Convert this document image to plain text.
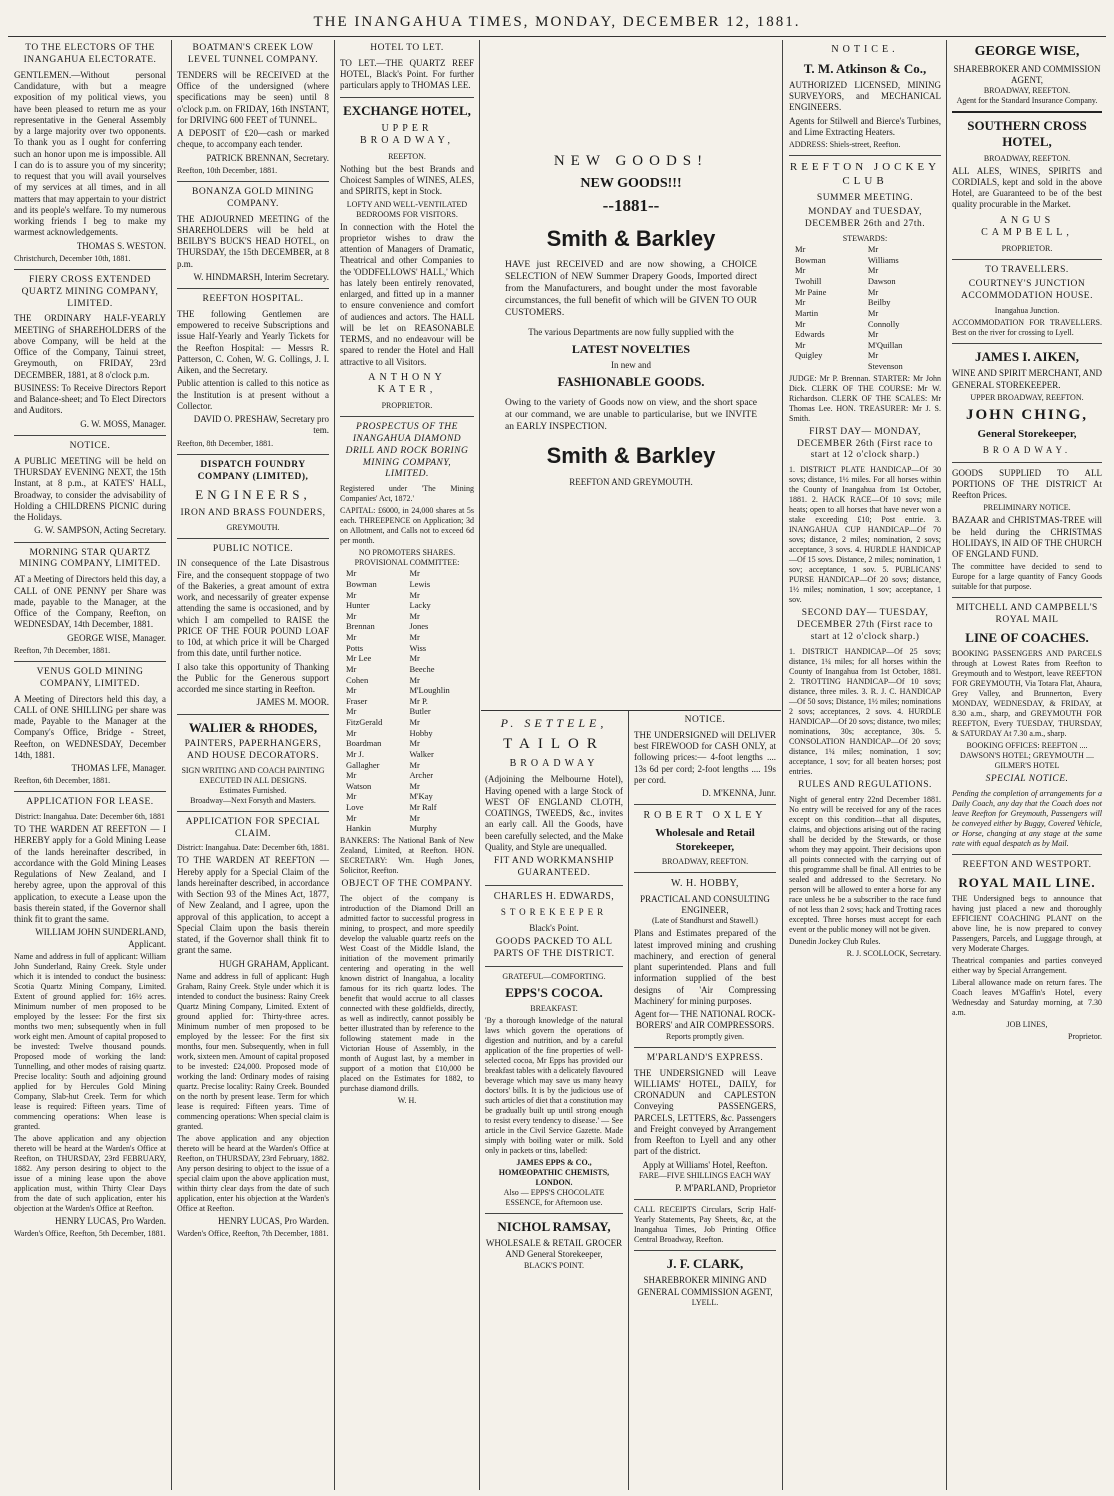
THE INANGAHUA TIMES, MONDAY, DECEMBER 12, 1881.
TO THE ELECTORS OF THE INANGAHUA ELECTORATE.
GENTLEMEN.—Without personal Candidature, with but a meagre exposition of my political views, you have been pleased to return me as your representative in the General Assembly by a large majority over two opponents. To thank you as I ought for conferring such an honor upon me is impossible. All I can do is to assure you of my sincerity; to request that you will avail yourselves of my services at all times, and in all matters that may appertain to your district and its people's welfare. To my numerous working friends I beg to make my warmest acknowledgements.
THOMAS S. WESTON.
Christchurch, December 10th, 1881.
FIERY CROSS EXTENDED QUARTZ MINING COMPANY, LIMITED.
THE ORDINARY HALF-YEARLY MEETING of SHAREHOLDERS of the above Company, will be held at the Office of the Company, Tainui street, Greymouth, on FRIDAY, 23rd DECEMBER, 1881, at 8 o'clock p.m.
BUSINESS: To Receive Directors Report and Balance-sheet; and To Elect Directors and Auditors.
G. W. MOSS, Manager.
NOTICE.
A PUBLIC MEETING will be held on THURSDAY EVENING NEXT, the 15th Instant, at 8 p.m., at KATE'S' HALL, Broadway, to consider the advisability of Holding a CHILDRENS PICNIC during the Holidays.
G. W. SAMPSON, Acting Secretary.
MORNING STAR QUARTZ MINING COMPANY, LIMITED.
AT a Meeting of Directors held this day, a CALL of ONE PENNY per Share was made, payable to the Manager, at the Office of the Company, Reefton, on WEDNESDAY, 14th December, 1881.
GEORGE WISE, Manager.
Reefton, 7th December, 1881.
VENUS GOLD MINING COMPANY, LIMITED.
A Meeting of Directors held this day, a CALL of ONE SHILLING per share was made, Payable to the Manager at the Company's Office, Bridge - Street, Reefton, on WEDNESDAY, December 14th, 1881.
THOMAS LFE, Manager.
Reefton, 6th December, 1881.
APPLICATION FOR LEASE.
District: Inangahua. Date: December 6th, 1881
TO THE WARDEN AT REEFTON — I HEREBY apply for a Gold Mining Lease of the lands hereinafter described, in accordance with the Gold Mining Leases Regulations of New Zealand, and I hereby agree, upon the approval of this application, to execute a Lease upon the basis therein stated, if the Governor shall think fit to grant the same.
WILLIAM JOHN SUNDERLAND, Applicant.
Name and address in full of applicant: William John Sunderland, Rainy Creek. Style under which it is intended to conduct the business: Scotia Quartz Mining Company, Limited. Extent of ground applied for: 16½ acres. Minimum number of men proposed to be employed by the lessee: For the first six months two men; subsequently when in full work eight men. Amount of capital proposed to be invested: Twelve thousand pounds. Proposed mode of working the land: Tunnelling, and other modes of raising quartz. Precise locality: South and adjoining ground applied for by Hercules Gold Mining Company, Slab-hut Creek. Term for which lease is required: Fifteen years. Time of commencing operations: When lease is granted.
The above application and any objection thereto will be heard at the Warden's Office at Reefton, on THURSDAY, 23rd FEBRUARY, 1882. Any person desiring to object to the issue of a mining lease upon the above application must, within Thirty Clear Days from the date of such application, enter his objection at the Warden's Office at Reefton.
HENRY LUCAS, Pro Warden.
Warden's Office, Reefton, 5th December, 1881.
BOATMAN'S CREEK LOW LEVEL TUNNEL COMPANY.
TENDERS will be RECEIVED at the Office of the undersigned (where specifications may be seen) until 8 o'clock p.m. on FRIDAY, 16th INSTANT, for DRIVING 600 FEET of TUNNEL.
A DEPOSIT of £20—cash or marked cheque, to accompany each tender.
PATRICK BRENNAN, Secretary.
Reefton, 10th December, 1881.
BONANZA GOLD MINING COMPANY.
THE ADJOURNED MEETING of the SHAREHOLDERS will be held at BEILBY'S BUCK'S HEAD HOTEL, on THURSDAY, the 15th DECEMBER, at 8 p.m.
W. HINDMARSH, Interim Secretary.
REEFTON HOSPITAL.
THE following Gentlemen are empowered to receive Subscriptions and issue Half-Yearly and Yearly Tickets for the Reefton Hospital: — Messrs R. Patterson, C. Cohen, W. G. Collings, J. I. Aiken, and the Secretary.
Public attention is called to this notice as the Institution is at present without a Collector.
DAVID O. PRESHAW, Secretary pro tem.
Reefton, 8th December, 1881.
DISPATCH FOUNDRY COMPANY (LIMITED),
ENGINEERS,
IRON AND BRASS FOUNDERS,
GREYMOUTH.
PUBLIC NOTICE.
IN consequence of the Late Disastrous Fire, and the consequent stoppage of two of the Bakeries, a great amount of extra work, and necessarily of greater expense attending the same is occasioned, and by which I am compelled to RAISE the PRICE OF THE FOUR POUND LOAF to 10d, at which price it will be Charged from this date, until further notice.
I also take this opportunity of Thanking the Public for the Generous support accorded me since starting in Reefton.
JAMES M. MOOR.
WALIER & RHODES,
PAINTERS, PAPERHANGERS, AND HOUSE DECORATORS.
SIGN WRITING AND COACH PAINTING EXECUTED IN ALL DESIGNS.
Estimates Furnished.
Broadway—Next Forsyth and Masters.
APPLICATION FOR SPECIAL CLAIM.
District: Inangahua. Date: December 6th, 1881.
TO THE WARDEN AT REEFTON — Hereby apply for a Special Claim of the lands hereinafter described, in accordance with Section 93 of the Mines Act, 1877, of New Zealand, and I agree, upon the approval of this application, to accept a Special Claim upon the basis therein stated, if the Governor shall think fit to grant the same.
HUGH GRAHAM, Applicant.
Name and address in full of applicant: Hugh Graham, Rainy Creek. Style under which it is intended to conduct the business: Rainy Creek Quartz Mining Company, Limited. Extent of ground applied for: Thirty-three acres. Minimum number of men proposed to be employed by the lessee: For the first six months, four men. Subsequently, when in full work, sixteen men. Amount of capital proposed to be invested: £24,000. Proposed mode of working the land: Ordinary modes of raising quartz. Precise locality: Rainy Creek. Bounded on the north by present lease. Term for which lease is required: Fifteen years. Time of commencing operations: When special claim is granted.
The above application and any objection thereto will be heard at the Warden's Office at Reefton, on THURSDAY, 23rd February, 1882. Any person desiring to object to the issue of a special claim upon the above application must, within thirty clear days from the date of such application, enter his objection at the Warden's Office at Reefton.
HENRY LUCAS, Pro Warden.
Warden's Office, Reefton, 7th December, 1881.
HOTEL TO LET.
TO LET.—THE QUARTZ REEF HOTEL, Black's Point. For further particulars apply to THOMAS LEE.
EXCHANGE HOTEL,
UPPER BROADWAY,
REEFTON.
Nothing but the best Brands and Choicest Samples of WINES, ALES, and SPIRITS, kept in Stock.
LOFTY AND WELL-VENTILATED BEDROOMS FOR VISITORS.
In connection with the Hotel the proprietor wishes to draw the attention of Managers of Dramatic, Theatrical and other Companies to the 'ODDFELLOWS' HALL,' Which has lately been entirely renovated, enlarged, and fitted up in a manner to ensure convenience and comfort of audiences and actors. The HALL will be let on REASONABLE TERMS, and no endeavour will be spared to render the Hotel and Hall attractive to all Visitors.
ANTHONY KATER,
PROPRIETOR.
PROSPECTUS OF THE INANGAHUA DIAMOND DRILL AND ROCK BORING MINING COMPANY, LIMITED.
Registered under 'The Mining Companies' Act, 1872.'
CAPITAL: £6000, in 24,000 shares at 5s each. THREEPENCE on Application; 3d on Allotment, and Calls not to exceed 6d per month.
NO PROMOTERS SHARES. PROVISIONAL COMMITTEE:
Mr Bowman
Mr Hunter
Mr Brennan
Mr Potts
Mr Lee
Mr Cohen
Mr Fraser
Mr FitzGerald
Mr Boardman
Mr J. Gallagher
Mr Watson
Mr Love
Mr Hankin
Mr Lewis
Mr Lacky
Mr Jones
Mr Wiss
Mr Beeche
Mr M'Loughlin
Mr P. Butler
Mr Hobby
Mr Walker
Mr Archer
Mr M'Kay
Mr Ralf
Mr Murphy
BANKERS: The National Bank of New Zealand, Limited, at Reefton. HON. SECRETARY: Wm. Hugh Jones, Solicitor, Reefton.
OBJECT OF THE COMPANY.
The object of the company is introduction of the Diamond Drill an admitted factor to successful progress in mining, to prospect, and more speedily develop the valuable quartz reefs on the West Coast of the Middle Island, the initiation of the movement primarily centering and operating in the well known district of Inangahua, a locality famous for its rich quartz lodes. The benefit that would accrue to all classes connected with these goldfields, directly, as well as indirectly, cannot possibly be better illustrated than by reference to the following statement made in the Victorian House of Assembly, in the month of August last, by a member in support of a motion that £10,000 be placed on the Estimates for 1882, to purchase diamond drills.
W. H.
NEW GOODS!
NEW GOODS!!!
--1881--
Smith & Barkley
HAVE just RECEIVED and are now showing, a CHOICE SELECTION of NEW Summer Drapery Goods, Imported direct from the Manufacturers, and bought under the most favorable circumstances, the full benefit of which will be GIVEN TO OUR CUSTOMERS.
The various Departments are now fully supplied with the
LATEST NOVELTIES
In new and
FASHIONABLE GOODS.
Owing to the variety of Goods now on view, and the short space at our command, we are unable to particularise, but we INVITE an EARLY INSPECTION.
Smith & Barkley
REEFTON AND GREYMOUTH.
P. SETTELE,
TAILOR
BROADWAY
(Adjoining the Melbourne Hotel), Having opened with a large Stock of WEST OF ENGLAND CLOTH, COATINGS, TWEEDS, &c., invites an early call. All the Goods, have been carefully selected, and the Make Quality, and Style are unequalled.
FIT AND WORKMANSHIP GUARANTEED.
CHARLES H. EDWARDS,
STOREKEEPER
Black's Point.
GOODS PACKED TO ALL PARTS OF THE DISTRICT.
GRATEFUL—COMFORTING.
EPPS'S COCOA.
BREAKFAST.
'By a thorough knowledge of the natural laws which govern the operations of digestion and nutrition, and by a careful application of the fine properties of well-selected cocoa, Mr Epps has provided our breakfast tables with a delicately flavoured beverage which may save us many heavy doctors' bills. It is by the judicious use of such articles of diet that a constitution may be gradually built up until strong enough to resist every tendency to disease.' — See article in the Civil Service Gazette. Made simply with boiling water or milk. Sold only in packets or tins, labelled:
JAMES EPPS & CO., HOMŒOPATHIC CHEMISTS, LONDON.
Also — EPPS'S CHOCOLATE ESSENCE, for Afternoon use.
NICHOL RAMSAY,
WHOLESALE & RETAIL GROCER AND General Storekeeper,
BLACK'S POINT.
NOTICE.
THE UNDERSIGNED will DELIVER best FIREWOOD for CASH ONLY, at following prices:— 4-foot lengths .... 13s 6d per cord; 2-foot lengths .... 19s per cord.
D. M'KENNA, Junr.
ROBERT OXLEY
Wholesale and Retail Storekeeper,
BROADWAY, REEFTON.
W. H. HOBBY,
PRACTICAL AND CONSULTING ENGINEER,
(Late of Standhurst and Stawell.)
Plans and Estimates prepared of the latest improved mining and crushing machinery, and erection of general plant superintended. Plans and full information supplied of the best designs of 'Air Compressing Machinery' for mining purposes.
Agent for— THE NATIONAL ROCK-BORERS' and AIR COMPRESSORS.
Reports promptly given.
M'PARLAND'S EXPRESS.
THE UNDERSIGNED will Leave WILLIAMS' HOTEL, DAILY, for CRONADUN and CAPLESTON Conveying PASSENGERS, PARCELS, LETTERS, &c. Passengers and Freight conveyed by Arrangement from Reefton to Lyell and any other part of the district.
Apply at Williams' Hotel, Reefton.
FARE—FIVE SHILLINGS EACH WAY
P. M'PARLAND, Proprietor
CALL RECEIPTS Circulars, Scrip Half-Yearly Statements, Pay Sheets, &c, at the Inangahua Times, Job Printing Office Central Broadway, Reefton.
J. F. CLARK,
SHAREBROKER MINING AND GENERAL COMMISSION AGENT,
LYELL.
NOTICE.
T. M. Atkinson & Co.,
AUTHORIZED LICENSED, MINING SURVEYORS, and MECHANICAL ENGINEERS.
Agents for Stilwell and Bierce's Turbines, and Lime Extracting Heaters.
ADDRESS: Shiels-street, Reefton.
REEFTON JOCKEY CLUB
SUMMER MEETING.
MONDAY and TUESDAY, DECEMBER 26th and 27th.
STEWARDS:
Mr Bowman
Mr Twohill
Mr Paine
Mr Martin
Mr Edwards
Mr Quigley
Mr Williams
Mr Dawson
Mr Beilby
Mr Connolly
Mr M'Quillan
Mr Stevenson
JUDGE: Mr P. Brennan. STARTER: Mr John Dick. CLERK OF THE COURSE: Mr W. Richardson. CLERK OF THE SCALES: Mr Thomas Lee. HON. TREASURER: Mr J. S. Smith.
FIRST DAY— MONDAY, DECEMBER 26th (First race to start at 12 o'clock sharp.)
1. DISTRICT PLATE HANDICAP—Of 30 sovs; distance, 1½ miles. For all horses within the County of Inangahua from 1st October, 1881. 2. HACK RACE—Of 10 sovs; mile heats; open to all horses that have never won a stake exceeding £10; Post entrie. 3. INANGAHUA CUP HANDICAP—Of 70 sovs; distance, 2 miles; nomination, 2 sovs; acceptance, 3 sovs. 4. HURDLE HANDICAP—Of 15 sovs. Distance, 2 miles; nomination, 1 sov; acceptance, 1 sov. 5. PUBLICANS' PURSE HANDICAP—Of 20 sovs; distance, 1½ miles; nomination, 1 sov; acceptance, 1 sov.
SECOND DAY— TUESDAY, DECEMBER 27th (First race to start at 12 o'clock sharp.)
1. DISTRICT HANDICAP—Of 25 sovs; distance, 1¼ miles; for all horses within the County of Inangahua from 1st October, 1881. 2. TROTTING HANDICAP—Of 10 sovs; distance, three miles. 3. R. J. C. HANDICAP—Of 50 sovs; Distance, 1½ miles; nominations 2 sovs; acceptances, 2 sovs. 4. HURDLE HANDICAP—Of 20 sovs; distance, two miles; nominations, 30s; acceptance, 30s. 5. CONSOLATION HANDICAP—Of 20 sovs; distance, 1¼ miles; nomination, 1 sov; acceptance, 1 sov; for all beaten horses; post entries.
RULES AND REGULATIONS.
Night of general entry 22nd December 1881. No entry will be received for any of the races except on this condition—that all disputes, claims, and objections arising out of the racing shall be decided by the Stewards, or those whom they may appoint. Their decisions upon all points connected with the carrying out of this programme shall be final. All entries to be sealed and addressed to the Secretary. No person will be allowed to enter a horse for any race unless he be a subscriber to the race fund of not less than 2 sovs; hack and Trotting races excepted. Three horses must accept for each event or the public money will not be given.
Dunedin Jockey Club Rules.
R. J. SCOLLOCK, Secretary.
GEORGE WISE,
SHAREBROKER AND COMMISSION AGENT,
BROADWAY, REEFTON.
Agent for the Standard Insurance Company.
SOUTHERN CROSS HOTEL,
BROADWAY, REEFTON.
ALL ALES, WINES, SPIRITS and CORDIALS, kept and sold in the above Hotel, are Guaranteed to be of the best quality procurable in the Market.
ANGUS CAMPBELL,
PROPRIETOR.
TO TRAVELLERS.
COURTNEY'S JUNCTION ACCOMMODATION HOUSE.
Inangahua Junction.
ACCOMMODATION FOR TRAVELLERS. Best on the river for crossing to Lyell.
JAMES I. AIKEN,
WINE AND SPIRIT MERCHANT, AND GENERAL STOREKEEPER.
UPPER BROADWAY, REEFTON.
JOHN CHING,
General Storekeeper,
BROADWAY.
GOODS SUPPLIED TO ALL PORTIONS OF THE DISTRICT At Reefton Prices.
PRELIMINARY NOTICE.
BAZAAR and CHRISTMAS-TREE will be held during the CHRISTMAS HOLIDAYS, IN AID OF THE CHURCH OF ENGLAND FUND.
The committee have decided to send to Europe for a large quantity of Fancy Goods suitable for that purpose.
MITCHELL AND CAMPBELL'S ROYAL MAIL
LINE OF COACHES.
BOOKING PASSENGERS AND PARCELS through at Lowest Rates from Reefton to Greymouth and to Westport, leave REEFTON FOR GREYMOUTH, Via Totara Flat, Ahaura, Grey Valley, and Brunnerton, Every MONDAY, WEDNESDAY, & FRIDAY, at 8.30 a.m., sharp, and GREYMOUTH FOR REEFTON, Every TUESDAY, THURSDAY, & SATURDAY At 7.30 a.m., sharp.
BOOKING OFFICES: REEFTON .... DAWSON'S HOTEL; GREYMOUTH .... GILMER'S HOTEL
SPECIAL NOTICE.
Pending the completion of arrangements for a Daily Coach, any day that the Coach does not leave Reefton for Greymouth, Passengers will be conveyed either by Buggy, Covered Vehicle, or Horse, changing at any stage at the same rate with equal despatch as by Mail.
REEFTON AND WESTPORT.
ROYAL MAIL LINE.
THE Undersigned begs to announce that having just placed a new and thoroughly EFFICIENT COACHING PLANT on the above line, he is now prepared to convey Passengers, Parcels, and Luggage through, at very Moderate Charges.
Theatrical companies and parties conveyed either way by Special Arrangement.
Liberal allowance made on return fares. The Coach leaves M'Gaffin's Hotel, every Wednesday and Saturday morning, at 7.30 a.m.
JOB LINES,
Proprietor.
